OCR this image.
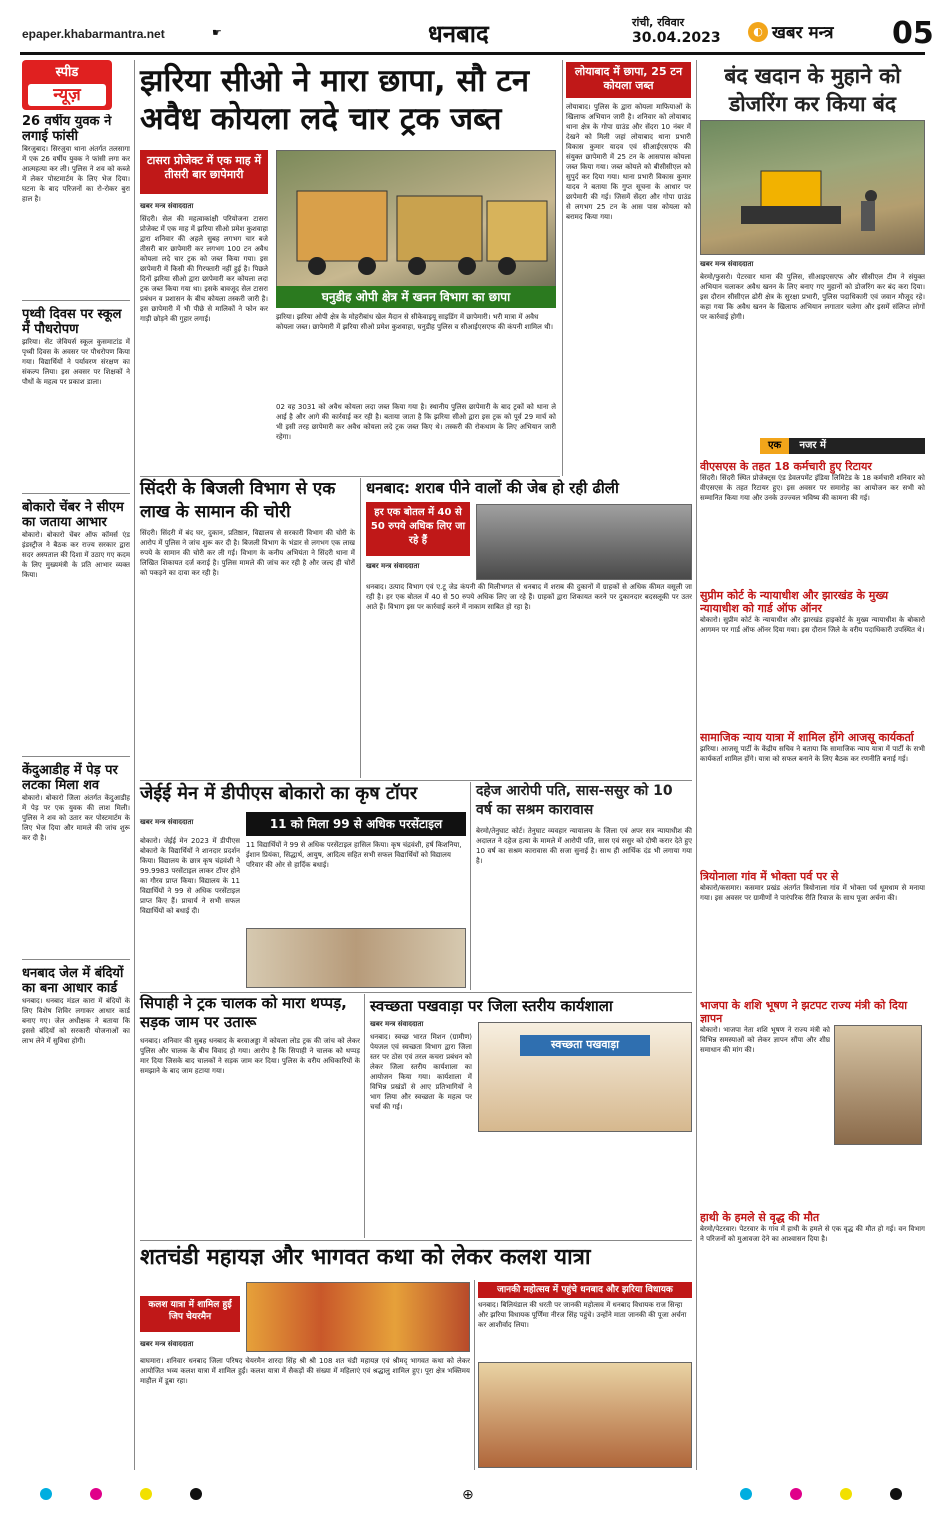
epaper.khabarmantra.net	☛	धनबाद	रांची, रविवार
30.04.2023	◐ खबर मन्त्र 05
स्पीड
न्यूज़
26 वर्षीय युवक ने लगाई फांसी
बिरजुबाद। सिरजुवा थाना अंतर्गत तलसागा में एक 26 वर्षीय युवक ने फांसी लगा कर आत्महत्या कर ली। पुलिस ने शव को कब्जे में लेकर पोस्टमार्टम के लिए भेज दिया। घटना के बाद परिजनों का रो-रोकर बुरा हाल है।
पृथ्वी दिवस पर स्कूल में पौधरोपण
झरिया। सेंट जेवियर्स स्कूल कुसमाटांड में पृथ्वी दिवस के अवसर पर पौधरोपण किया गया। विद्यार्थियों ने पर्यावरण संरक्षण का संकल्प लिया। इस अवसर पर शिक्षकों ने पौधों के महत्व पर प्रकाश डाला।
बोकारो चेंबर ने सीएम का जताया आभार
बोकारो। बोकारो चेंबर ऑफ कॉमर्स एंड इंडस्ट्रीज ने बैठक कर राज्य सरकार द्वारा सदर अस्पताल की दिशा में उठाए गए कदम के लिए मुख्यमंत्री के प्रति आभार व्यक्त किया।
केंदुआडीह में पेड़ पर लटका मिला शव
बोकारो। बोकारो जिला अंतर्गत केंदुआडीह में पेड़ पर एक युवक की लाश मिली। पुलिस ने शव को उतार कर पोस्टमार्टम के लिए भेज दिया और मामले की जांच शुरू कर दी है।
धनबाद जेल में बंदियों का बना आधार कार्ड
धनबाद। धनबाद मंडल कारा में बंदियों के लिए विशेष शिविर लगाकर आधार कार्ड बनाए गए। जेल अधीक्षक ने बताया कि इससे बंदियों को सरकारी योजनाओं का लाभ लेने में सुविधा होगी।
झरिया सीओ ने मारा छापा, सौ टन अवैध कोयला लदे चार ट्रक जब्त
टासरा प्रोजेक्ट में एक माह में तीसरी बार छापेमारी
खबर मन्त्र संवाददाता
सिंदरी। सेल की महत्वाकांक्षी परियोजना टासरा प्रोजेक्ट में एक माह में झरिया सीओ प्रमेश कुशवाहा द्वारा शनिवार की अहले सुबह लगभग चार बजे तीसरी बार छापेमारी कर लगभग 100 टन अवैध कोयला लदे चार ट्रक को जब्त किया गया। इस छापेमारी में किसी की गिरफ्तारी नहीं हुई है। पिछले दिनों झरिया सीओ द्वारा छापेमारी कर कोयला लदा ट्रक जब्त किया गया था। इसके बावजूद सेल टासरा प्रबंधन व प्रशासन के बीच कोयला तस्करी जारी है। इस छापेमारी में भी पीछे से मालिकों ने फोन कर गाड़ी छोड़ने की गुहार लगाई।
घनुडीह ओपी क्षेत्र में खनन विभाग का छापा
झरिया। झरिया ओपी क्षेत्र के मोहरीबांध खेल मैदान से सीकेवाइयू साइडिंग में छापेमारी। भरी मात्रा में अवैध कोयला जब्त। छापेमारी में झरिया सीओ प्रमेश कुशवाहा, घनुडीह पुलिस व सीआईएसएफ की कंपनी शामिल थी।
02 वह 3031 को अवैध कोयला लदा जब्त किया गया है। स्थानीय पुलिस छापेमारी के बाद ट्रकों को थाना ले आई है और आगे की कार्रवाई कर रही है। बताया जाता है कि झरिया सीओ द्वारा इस ट्रक को पूर्व 29 मार्च को भी इसी तरह छापेमारी कर अवैध कोयला लदे ट्रक जब्त किए थे। तस्करी की रोकथाम के लिए अभियान जारी रहेगा।
लोयाबाद में छापा, 25 टन कोयला जब्त
लोयाबाद। पुलिस के द्वारा कोयला माफियाओं के खिलाफ अभियान जारी है। शनिवार को लोयाबाद थाना क्षेत्र के गोपा ग्राउंड और सेंदरा 10 नंबर में देखने को मिली जहां लोयाबाद थाना प्रभारी विकास कुमार यादव एवं सीआईएसएफ की संयुक्त छापेमारी में 25 टन के आसपास कोयला जब्त किया गया। जब्त कोयले को बीसीसीएल को सुपुर्द कर दिया गया। थाना प्रभारी विकास कुमार यादव ने बताया कि गुप्त सूचना के आधार पर छापेमारी की गई। जिसमें सेंदरा और गोपा ग्राउंड से लगभग 25 टन के आस पास कोयला को बरामद किया गया।
बंद खदान के मुहाने को डोजरिंग कर किया बंद
खबर मन्त्र संवाददाता
बेरमो/फुसरो। पेटरवार थाना की पुलिस, सीआइएसएफ और सीसीएल टीम ने संयुक्त अभियान चलाकर अवैध खनन के लिए बनाए गए मुहानों को डोजरिंग कर बंद करा दिया। इस दौरान सीसीएल ढोरी क्षेत्र के सुरक्षा प्रभारी, पुलिस पदाधिकारी एवं जवान मौजूद रहे। कहा गया कि अवैध खनन के खिलाफ अभियान लगातार चलेगा और इसमें संलिप्त लोगों पर कार्रवाई होगी।
एक नजर में
वीएसएस के तहत 18 कर्मचारी हुए रिटायर
सिंदरी। सिंदरी स्थित प्रोजेक्ट्स एंड डेवलपमेंट इंडिया लिमिटेड के 18 कर्मचारी शनिवार को वीएसएस के तहत रिटायर हुए। इस अवसर पर समारोह का आयोजन कर सभी को सम्मानित किया गया और उनके उज्ज्वल भविष्य की कामना की गई।
सुप्रीम कोर्ट के न्यायाधीश और झारखंड के मुख्य न्यायाधीश को गार्ड ऑफ ऑनर
बोकारो। सुप्रीम कोर्ट के न्यायाधीश और झारखंड हाइकोर्ट के मुख्य न्यायाधीश के बोकारो आगमन पर गार्ड ऑफ ऑनर दिया गया। इस दौरान जिले के वरीय पदाधिकारी उपस्थित थे।
सामाजिक न्याय यात्रा में शामिल होंगे आजसू कार्यकर्ता
झरिया। आजसू पार्टी के केंद्रीय सचिव ने बताया कि सामाजिक न्याय यात्रा में पार्टी के सभी कार्यकर्ता शामिल होंगे। यात्रा को सफल बनाने के लिए बैठक कर रणनीति बनाई गई।
त्रियोनाला गांव में भोक्ता पर्व पर से
बोकारो/कसमार। कसमार प्रखंड अंतर्गत त्रियोनाला गांव में भोक्ता पर्व धूमधाम से मनाया गया। इस अवसर पर ग्रामीणों ने पारंपरिक रीति रिवाज के साथ पूजा अर्चना की।
भाजपा के शशि भूषण ने झटपट राज्य मंत्री को दिया ज्ञापन
बोकारो। भाजपा नेता शशि भूषण ने राज्य मंत्री को विभिन्न समस्याओं को लेकर ज्ञापन सौंपा और शीघ्र समाधान की मांग की।
हाथी के हमले से वृद्ध की मौत
बेरमो/पेटरवार। पेटरवार के गांव में हाथी के हमले से एक वृद्ध की मौत हो गई। वन विभाग ने परिजनों को मुआवजा देने का आश्वासन दिया है।
सिंदरी के बिजली विभाग से एक लाख के सामान की चोरी
सिंदरी। सिंदरी में बंद घर, दुकान, प्रतिष्ठान, विद्यालय से सरकारी विभाग की चोरी के आरोप में पुलिस ने जांच शुरू कर दी है। बिजली विभाग के भंडार से लगभग एक लाख रुपये के सामान की चोरी कर ली गई। विभाग के कनीय अभियंता ने सिंदरी थाना में लिखित शिकायत दर्ज कराई है। पुलिस मामले की जांच कर रही है और जल्द ही चोरों को पकड़ने का दावा कर रही है।
धनबाद: शराब पीने वालों की जेब हो रही ढीली
हर एक बोतल में 40 से 50 रुपये अधिक लिए जा रहे हैं
खबर मन्त्र संवाददाता
धनबाद। उत्पाद विभाग एवं ए.टू जेड कंपनी की मिलीभगत से धनबाद में शराब की दुकानों में ग्राहकों से अधिक कीमत वसूली जा रही है। हर एक बोतल में 40 से 50 रुपये अधिक लिए जा रहे हैं। ग्राहकों द्वारा शिकायत करने पर दुकानदार बदसलूकी पर उतर आते हैं। विभाग इस पर कार्रवाई करने में नाकाम साबित हो रहा है।
जेईई मेन में डीपीएस बोकारो का कृष टॉपर
11 को मिला 99 से अधिक परसेंटाइल
खबर मन्त्र संवाददाता
बोकारो। जेईई मेन 2023 में डीपीएस बोकारो के विद्यार्थियों ने शानदार प्रदर्शन किया। विद्यालय के छात्र कृष चंद्रवंशी ने 99.9983 परसेंटाइल लाकर टॉपर होने का गौरव प्राप्त किया। विद्यालय के 11 विद्यार्थियों ने 99 से अधिक परसेंटाइल प्राप्त किए हैं। प्राचार्य ने सभी सफल विद्यार्थियों को बधाई दी।
11 विद्यार्थियों ने 99 से अधिक परसेंटाइल हासिल किया। कृष चंद्रवंशी, हर्ष किशनिया, ईशान प्रियंका, सिद्धार्थ, आयुष, आदित्य सहित सभी सफल विद्यार्थियों को विद्यालय परिवार की ओर से हार्दिक बधाई।
दहेज आरोपी पति, सास-ससुर को 10 वर्ष का सश्रम कारावास
बेरमो/तेनुघाट कोर्ट। तेनुघाट व्यवहार न्यायालय के जिला एवं अपर सत्र न्यायाधीश की अदालत ने दहेज हत्या के मामले में आरोपी पति, सास एवं ससुर को दोषी करार देते हुए 10 वर्ष का सश्रम कारावास की सजा सुनाई है। साथ ही आर्थिक दंड भी लगाया गया है।
सिपाही ने ट्रक चालक को मारा थप्पड़, सड़क जाम पर उतारू
धनबाद। शनिवार की सुबह धनबाद के बरवाअड्डा में कोयला लोड ट्रक की जांच को लेकर पुलिस और चालक के बीच विवाद हो गया। आरोप है कि सिपाही ने चालक को थप्पड़ मार दिया जिसके बाद चालकों ने सड़क जाम कर दिया। पुलिस के वरीय अधिकारियों के समझाने के बाद जाम हटाया गया।
स्वच्छता पखवाड़ा पर जिला स्तरीय कार्यशाला
खबर मन्त्र संवाददाता
धनबाद। स्वच्छ भारत मिशन (ग्रामीण) पेयजल एवं स्वच्छता विभाग द्वारा जिला स्तर पर ठोस एवं तरल कचरा प्रबंधन को लेकर जिला स्तरीय कार्यशाला का आयोजन किया गया। कार्यशाला में विभिन्न प्रखंडों से आए प्रतिभागियों ने भाग लिया और स्वच्छता के महत्व पर चर्चा की गई।
स्वच्छता पखवाड़ा
शतचंडी महायज्ञ और भागवत कथा को लेकर कलश यात्रा
कलश यात्रा में शामिल हुईं जिप चेयरमैन
खबर मन्त्र संवाददाता
बाघमारा। शनिवार धनबाद जिला परिषद चेयरमैन शारदा सिंह श्री श्री 108 शत चंडी महायज्ञ एवं श्रीमद् भागवत कथा को लेकर आयोजित भव्य कलश यात्रा में शामिल हुईं। कलश यात्रा में सैकड़ों की संख्या में महिलाएं एवं श्रद्धालु शामिल हुए। पूरा क्षेत्र भक्तिमय माहौल में डूबा रहा।
जानकी महोत्सव में पहुंचे धनबाद और झरिया विधायक
धनबाद। बिलियंडाल की धरती पर जानकी महोत्सव में धनबाद विधायक राज सिन्हा और झरिया विधायक पूर्णिमा नीरज सिंह पहुंचे। उन्होंने माता जानकी की पूजा अर्चना कर आशीर्वाद लिया।
⊕
